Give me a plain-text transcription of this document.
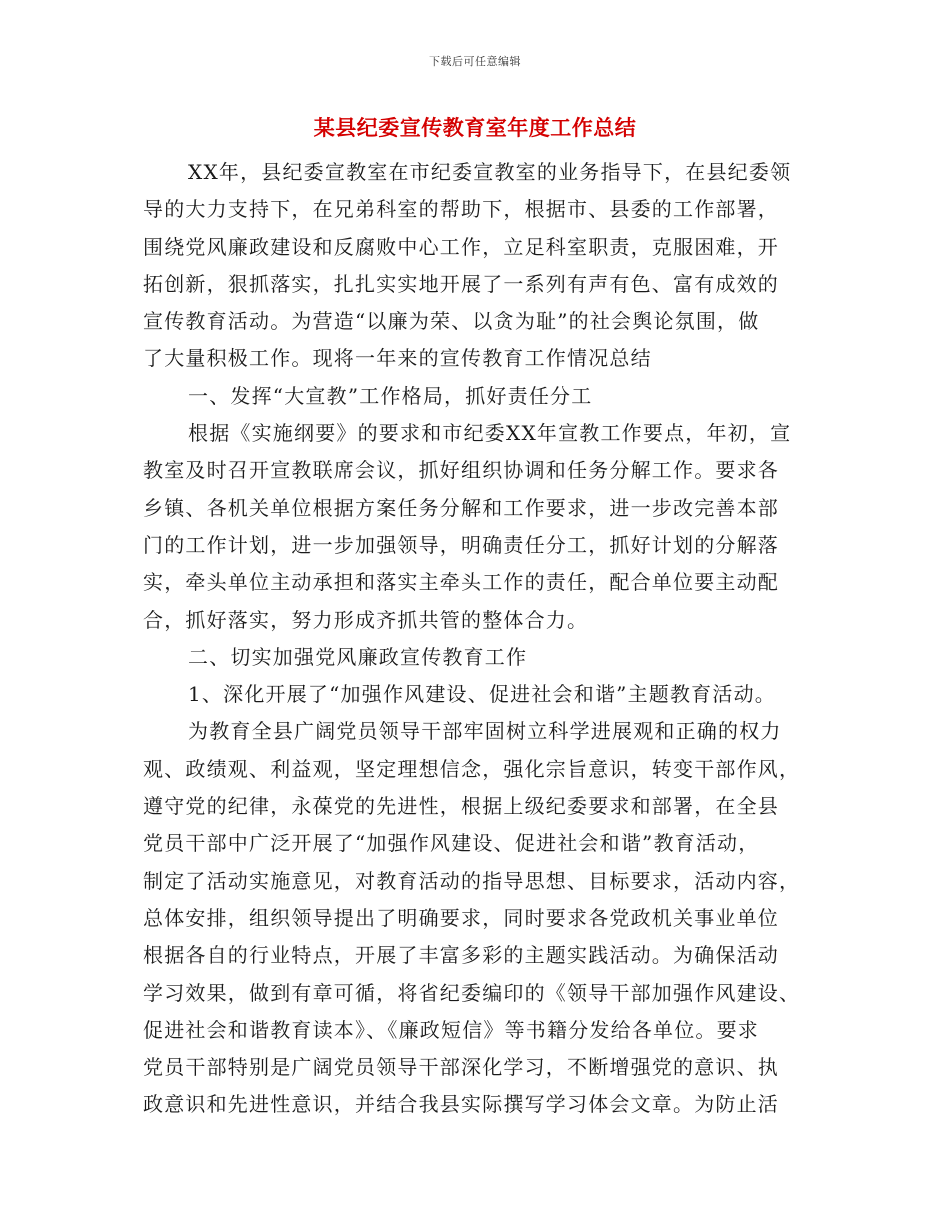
下载后可任意编辑
某县纪委宣传教育室年度工作总结
XX年，县纪委宣教室在市纪委宣教室的业务指导下，在县纪委领
导的大力支持下，在兄弟科室的帮助下，根据市、县委的工作部署，
围绕党风廉政建设和反腐败中心工作，立足科室职责，克服困难，开
拓创新，狠抓落实，扎扎实实地开展了一系列有声有色、富有成效的
宣传教育活动。为营造“以廉为荣、以贪为耻”的社会舆论氛围，做
了大量积极工作。现将一年来的宣传教育工作情况总结
一、发挥“大宣教”工作格局，抓好责任分工
根据《实施纲要》的要求和市纪委XX年宣教工作要点，年初，宣
教室及时召开宣教联席会议，抓好组织协调和任务分解工作。要求各
乡镇、各机关单位根据方案任务分解和工作要求，进一步改完善本部
门的工作计划，进一步加强领导，明确责任分工，抓好计划的分解落
实，牵头单位主动承担和落实主牵头工作的责任，配合单位要主动配
合，抓好落实，努力形成齐抓共管的整体合力。
二、切实加强党风廉政宣传教育工作
1、深化开展了“加强作风建设、促进社会和谐”主题教育活动。
为教育全县广阔党员领导干部牢固树立科学进展观和正确的权力
观、政绩观、利益观，坚定理想信念，强化宗旨意识，转变干部作风，
遵守党的纪律，永葆党的先进性，根据上级纪委要求和部署，在全县
党员干部中广泛开展了“加强作风建设、促进社会和谐”教育活动，
制定了活动实施意见，对教育活动的指导思想、目标要求，活动内容，
总体安排，组织领导提出了明确要求，同时要求各党政机关事业单位
根据各自的行业特点，开展了丰富多彩的主题实践活动。为确保活动
学习效果，做到有章可循，将省纪委编印的《领导干部加强作风建设、
促进社会和谐教育读本》、《廉政短信》等书籍分发给各单位。要求
党员干部特别是广阔党员领导干部深化学习，不断增强党的意识、执
政意识和先进性意识，并结合我县实际撰写学习体会文章。为防止活
